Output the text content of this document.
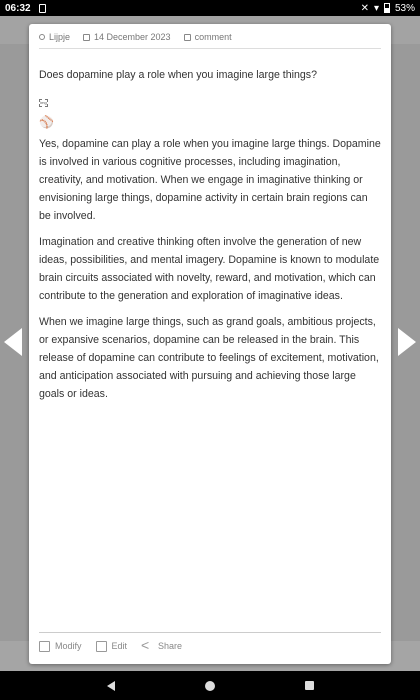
06:32	✕ ▾ 53%
Lijpje	14 December 2023	comment

Does dopamine play a role when you imagine large things?

img
⚾

Yes, dopamine can play a role when you imagine large things. Dopamine is involved in various cognitive processes, including imagination, creativity, and motivation. When we engage in imaginative thinking or envisioning large things, dopamine activity in certain brain regions can be involved.

Imagination and creative thinking often involve the generation of new ideas, possibilities, and mental imagery. Dopamine is known to modulate brain circuits associated with novelty, reward, and motivation, which can contribute to the generation and exploration of imaginative ideas.

When we imagine large things, such as grand goals, ambitious projects, or expansive scenarios, dopamine can be released in the brain. This release of dopamine can contribute to feelings of excitement, motivation, and anticipation associated with pursuing and achieving those large goals or ideas.

Modify	Edit
<	Share
